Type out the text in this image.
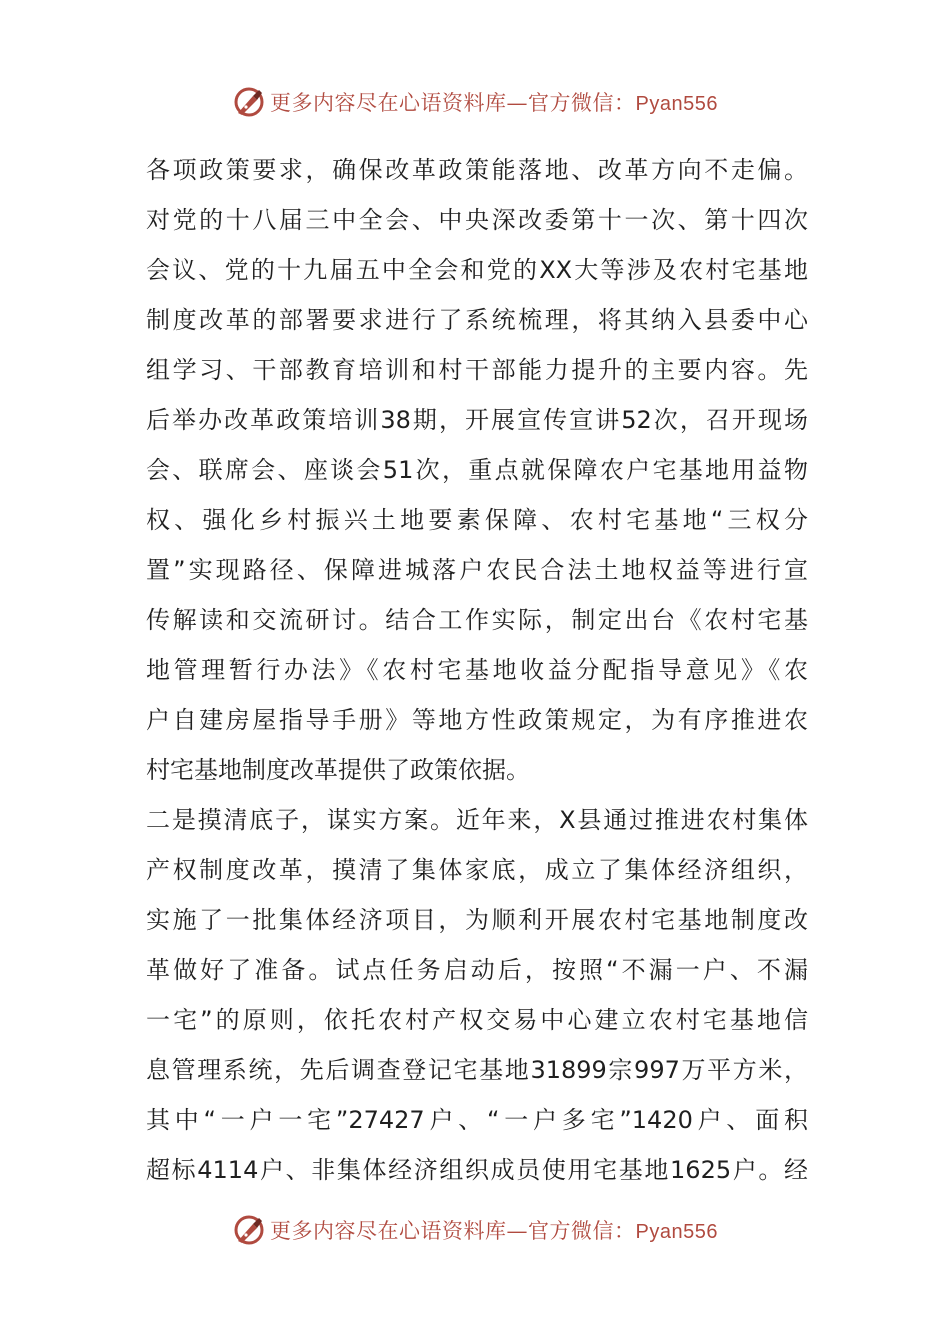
更多内容尽在心语资料库—官方微信：Pyan556
各项政策要求，确保改革政策能落地、改革方向不走偏。
对党的十八届三中全会、中央深改委第十一次、第十四次
会议、党的十九届五中全会和党的XX大等涉及农村宅基地
制度改革的部署要求进行了系统梳理，将其纳入县委中心
组学习、干部教育培训和村干部能力提升的主要内容。先
后举办改革政策培训38期，开展宣传宣讲52次，召开现场
会、联席会、座谈会51次，重点就保障农户宅基地用益物
权、强化乡村振兴土地要素保障、农村宅基地“三权分
置”实现路径、保障进城落户农民合法土地权益等进行宣
传解读和交流研讨。结合工作实际，制定出台《农村宅基
地管理暂行办法》《农村宅基地收益分配指导意见》《农
户自建房屋指导手册》等地方性政策规定，为有序推进农
村宅基地制度改革提供了政策依据。
二是摸清底子，谋实方案。近年来，X县通过推进农村集体
产权制度改革，摸清了集体家底，成立了集体经济组织，
实施了一批集体经济项目，为顺利开展农村宅基地制度改
革做好了准备。试点任务启动后，按照“不漏一户、不漏
一宅”的原则，依托农村产权交易中心建立农村宅基地信
息管理系统，先后调查登记宅基地31899宗997万平方米，
其中“一户一宅”27427户、“一户多宅”1420户、面积
超标4114户、非集体经济组织成员使用宅基地1625户。经
更多内容尽在心语资料库—官方微信：Pyan556
